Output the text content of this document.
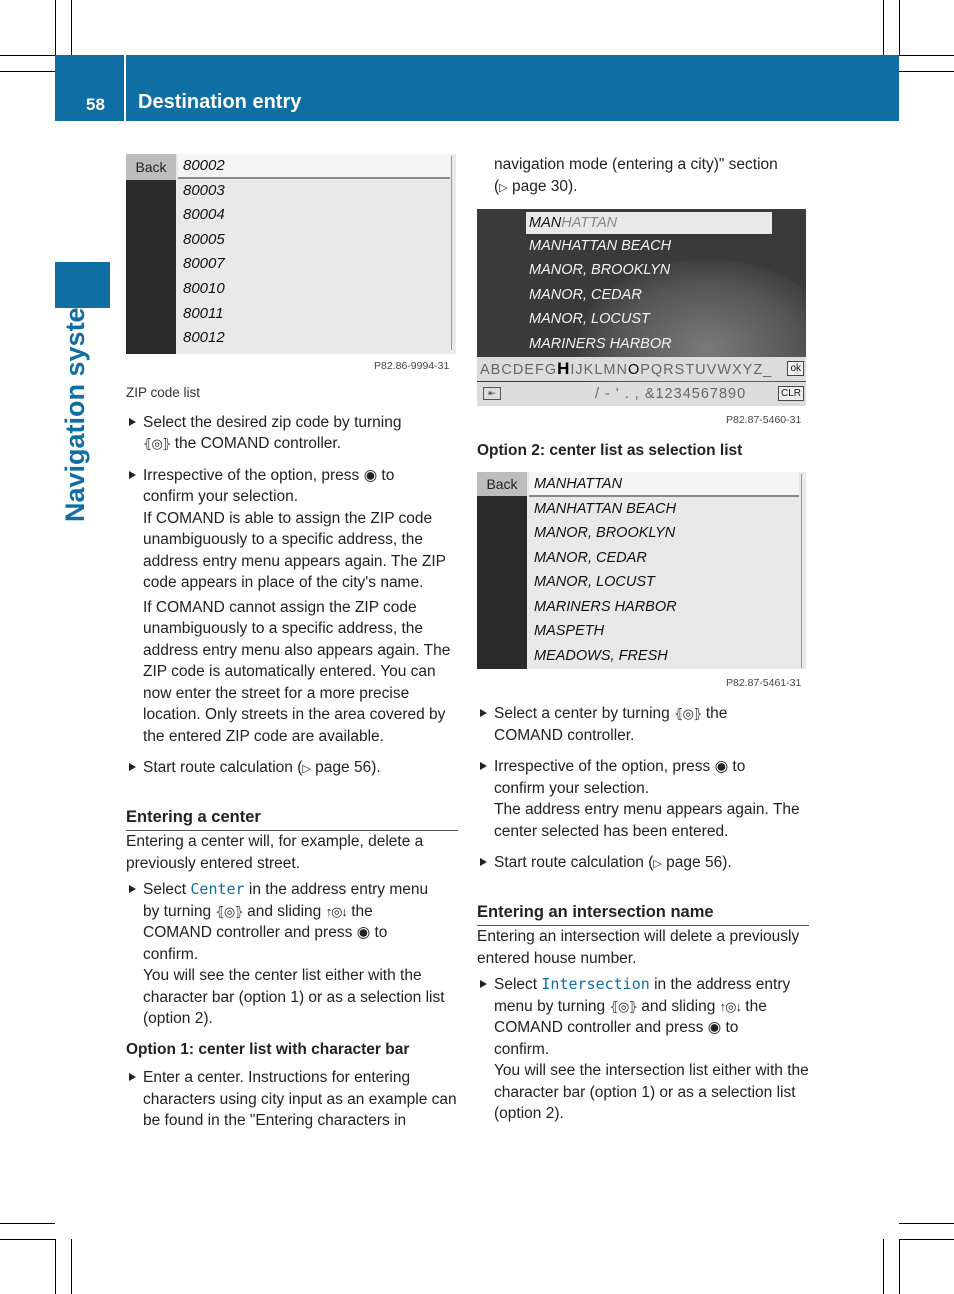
58 Destination entry
Navigation system
Back	80002
80003
80004
80005
80007
80010
80011
80012
P82.86-9994-31

ZIP code list

Select the desired zip code by turning
⦃◎⦄ the COMAND controller.

Irrespective of the option, press ◉ to
confirm your selection.

If COMAND is able to assign the ZIP code unambiguously to a specific address, the address entry menu appears again. The ZIP code appears in place of the city's name.

If COMAND cannot assign the ZIP code unambiguously to a specific address, the address entry menu also appears again. The ZIP code is automatically entered. You can now enter the street for a more precise location. Only streets in the area covered by the entered ZIP code are available.

Start route calculation (▷ page 56).

Entering a center

Entering a center will, for example, delete a previously entered street.

Select Center in the address entry menu
by turning ⦃◎⦄ and sliding ↑◎↓ the
COMAND controller and press ◉ to
confirm.

You will see the center list either with the character bar (option 1) or as a selection list (option 2).

Option 1: center list with character bar

Enter a center. Instructions for entering characters using city input as an example can be found in the "Entering characters in

navigation mode (entering a city)" section
(▷ page 30).

MANHATTAN
MANHATTAN BEACH
MANOR, BROOKLYN
MANOR, CEDAR
MANOR, LOCUST
MARINERS HARBOR
ABCDEFGHIJKLMNOPQRSTUVWXYZ_	ok
⇤	/ - ' . , &1234567890	CLR
P82.87-5460-31

Option 2: center list as selection list

Back	MANHATTAN
MANHATTAN BEACH
MANOR, BROOKLYN
MANOR, CEDAR
MANOR, LOCUST
MARINERS HARBOR
MASPETH
MEADOWS, FRESH
P82.87-5461-31

Select a center by turning ⦃◎⦄ the
COMAND controller.

Irrespective of the option, press ◉ to
confirm your selection.

The address entry menu appears again. The center selected has been entered.

Start route calculation (▷ page 56).

Entering an intersection name

Entering an intersection will delete a previously entered house number.

Select Intersection in the address entry
menu by turning ⦃◎⦄ and sliding ↑◎↓ the
COMAND controller and press ◉ to
confirm.

You will see the intersection list either with the character bar (option 1) or as a selection list (option 2).
